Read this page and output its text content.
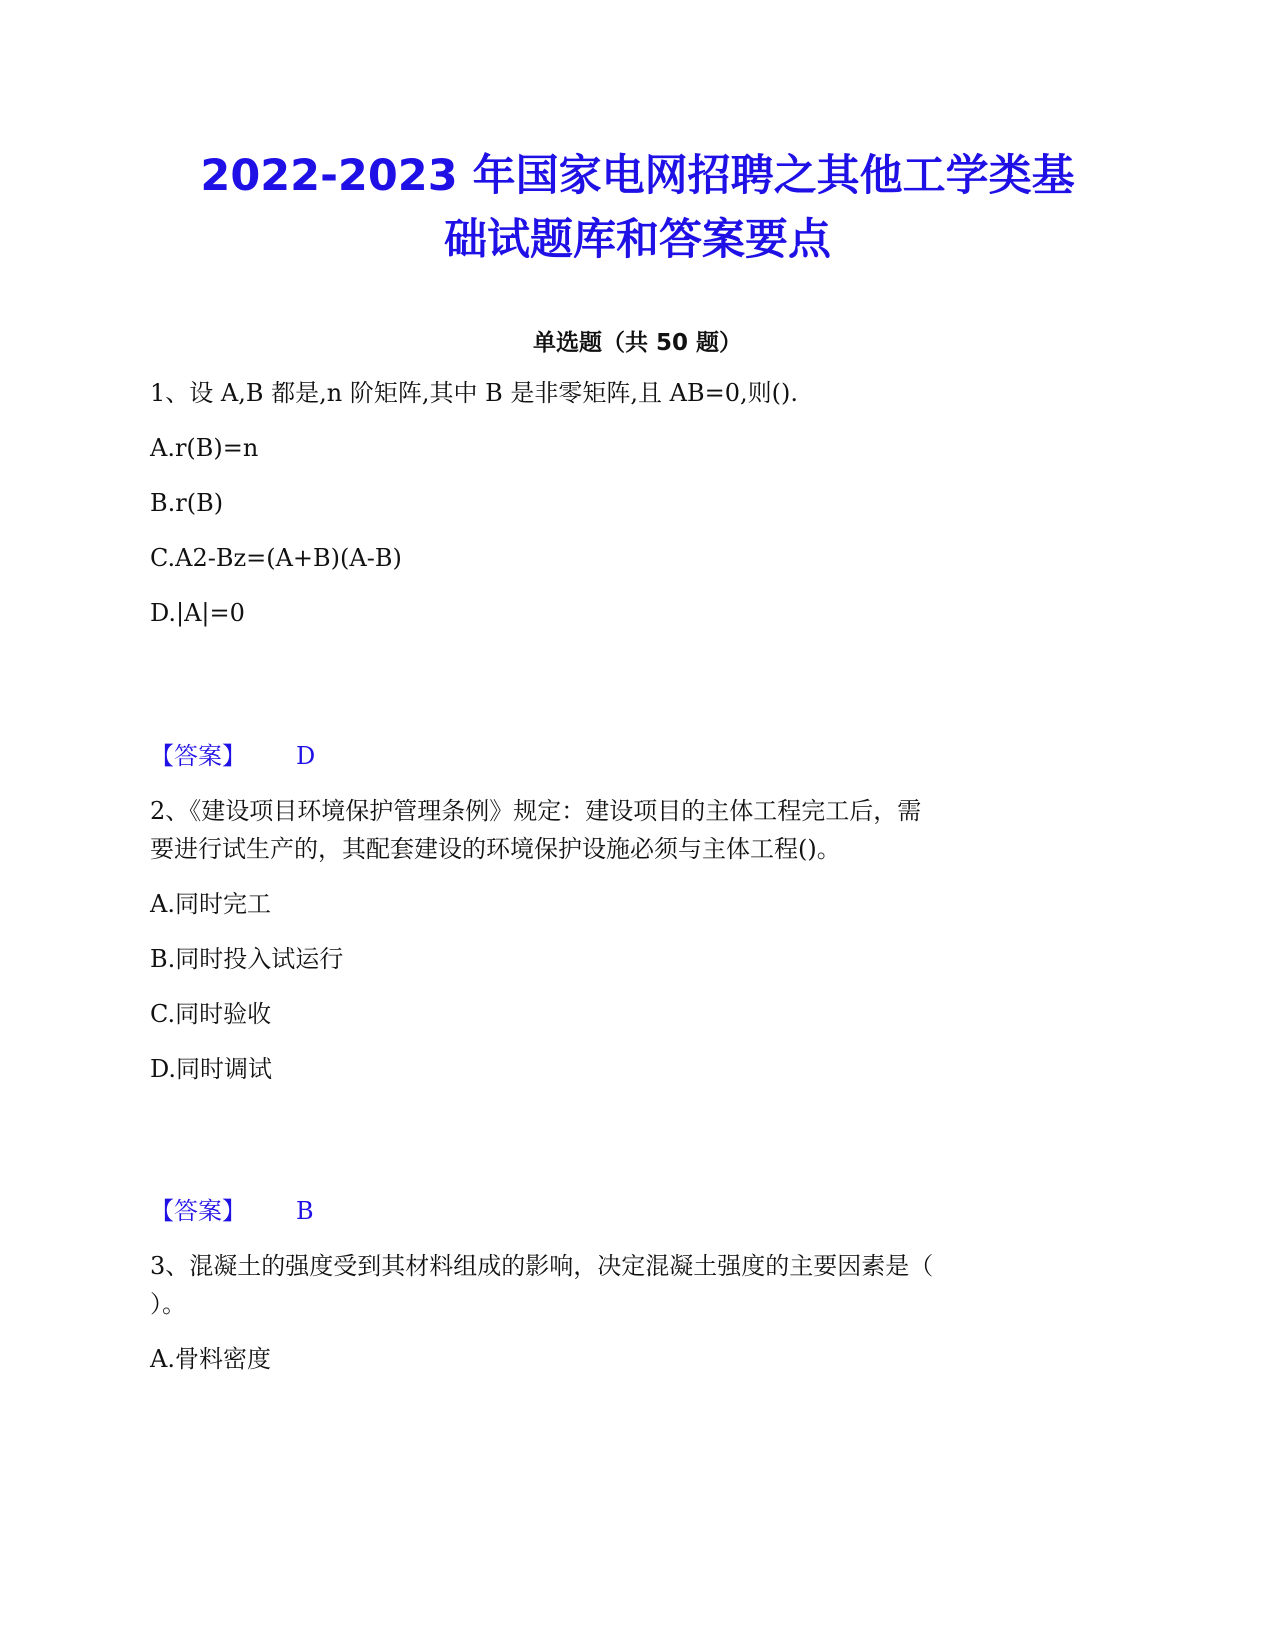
2022-2023 年国家电网招聘之其他工学类基
础试题库和答案要点
单选题（共 50 题）
1、设 A,B 都是,n 阶矩阵,其中 B 是非零矩阵,且 AB=0,则().
A.r(B)=n
B.r(B)
C.A2-Bz=(A+B)(A-B)
D.|A|=0
【答案】 D
2、《建设项目环境保护管理条例》规定：建设项目的主体工程完工后，需
要进行试生产的，其配套建设的环境保护设施必须与主体工程()。
A.同时完工
B.同时投入试运行
C.同时验收
D.同时调试
【答案】 B
3、混凝土的强度受到其材料组成的影响，决定混凝土强度的主要因素是（
）。
A.骨料密度
